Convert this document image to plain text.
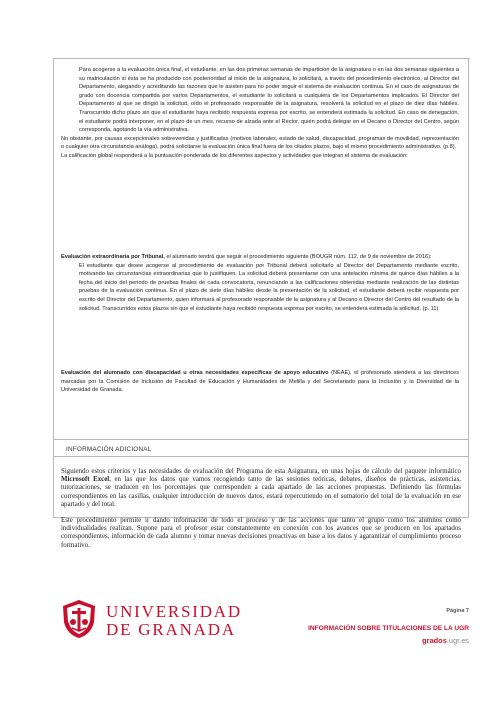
Para acogerse a la evaluación única final, el estudiante, en las dos primeras semanas de impartición de la asignatura o en las dos semanas siguientes a su matriculación si ésta se ha producido con posterioridad al inicio de la asignatura, lo solicitará, a través del procedimiento electrónico, al Director del Departamento, alegando y acreditando las razones que le asisten para no poder seguir el sistema de evaluación continua. En el caso de asignaturas de grado con docencia compartida por varios Departamentos, el estudiante lo solicitará a cualquiera de los Departamentos implicados. El Director del Departamento al que se dirigió la solicitud, oído el profesorado responsable de la asignatura, resolverá la solicitud en el plazo de diez días hábiles. Transcurrido dicho plazo sin que el estudiante haya recibido respuesta expresa por escrito, se entenderá estimada la solicitud. En caso de denegación, el estudiante podrá interponer, en el plazo de un mes, recurso de alzada ante el Rector, quién podrá delegar en el Decano o Director del Centro, según corresponda, agotando la vía administrativa.

No obstante, por causas excepcionales sobrevenidas y justificadas (motivos laborales, estado de salud, discapacidad, programas de movilidad, representación o cualquier otra circunstancia análoga), podrá solicitarse la evaluación única final fuera de los citados plazos, bajo el mismo procedimiento administrativo. (p.8).

La calificación global responderá a la puntuación ponderada de los diferentes aspectos y actividades que integran el sistema de evaluación:

Evaluación extraordinaria por Tribunal, el alumnado tendrá que seguir el procedimiento siguiente (BOUGR núm. 112, de 9 de noviembre de 2016):

El estudiante que desee acogerse al procedimiento de evaluación por Tribunal deberá solicitarlo al Director del Departamento mediante escrito, motivando las circunstancias extraordinarias que lo justifiquen. La solicitud deberá presentarse con una antelación mínima de quince días hábiles a la fecha del inicio del periodo de pruebas finales de cada convocatoria, renunciando a las calificaciones obtenidas mediante realización de las distintas pruebas de la evaluación continua. En el plazo de siete días hábiles desde la presentación de la solicitud, el estudiante deberá recibir respuesta por escrito del Director del Departamento, quien informará al profesorado responsable de la asignatura y al Decano o Director del Centro del resultado de la solicitud. Transcurridos estos plazos sin que el estudiante haya recibido respuesta expresa por escrito, se entenderá estimada la solicitud. (p. 11)

Evaluación del alumnado con discapacidad u otras necesidades específicas de apoyo educativo (NEAE), el profesorado atenderá a las directrices marcadas por la Comisión de Inclusión de Facultad de Educación y Humanidades de Melilla y del Secretariado para la Inclusión y la Diversidad de la Universidad de Granada.

INFORMACIÓN ADICIONAL

Siguiendo estos criterios y las necesidades de evaluación del Programa de esta Asignatura, en unas hojas de cálculo del paquete informático Microsoft Excel, en las que los datos que vamos recogiendo tanto de las sesiones teóricas, debates, diseños de prácticas, asistencias, tutorizaciones, se traducen en los porcentajes que corresponden a cada apartado de las acciones propuestas. Definiendo las fórmulas correspondientes en las casillas, cualquier introducción de nuevos datos, estará repercutiendo en el sumatorio del total de la evaluación en ese apartado y del total.

Este procedimiento permite ir dando información de todo el proceso y de las acciones que tanto el grupo como los alumnos como individualidades realizan. Supone para el profesor estar constantemente en conexión con los avances que se producen en los apartados correspondientes, información de cada alumno y tomar nuevas decisiones preactivas en base a los datos y agarantizar el cumplimiento proceso formativo.

UNIVERSIDAD
DE GRANADA
Página 7
INFORMACIÓN SOBRE TITULACIONES DE LA UGR
grados.ugr.es
